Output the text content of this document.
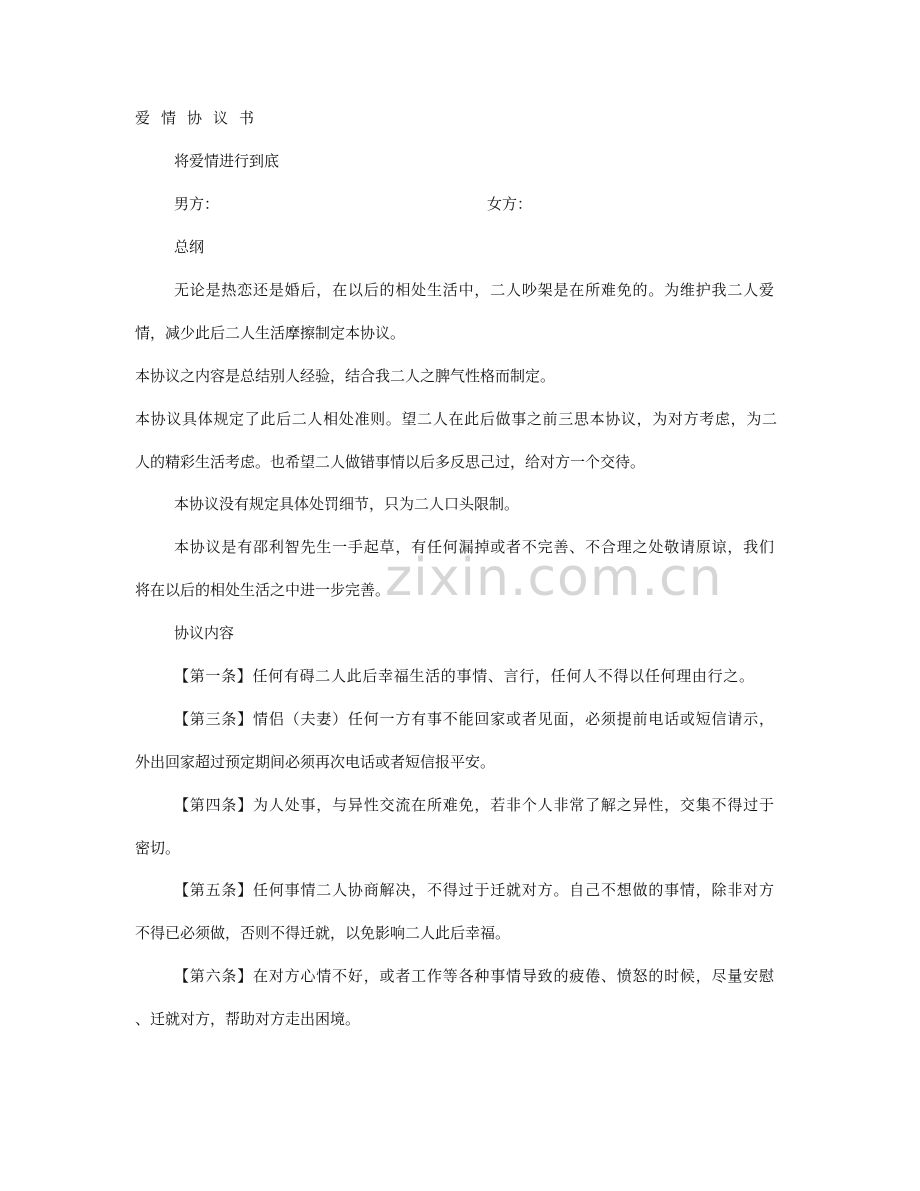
zixin.com.cn

爱情协议书

将爱情进行到底

男方：	女方：

总纲

无论是热恋还是婚后，在以后的相处生活中，二人吵架是在所难免的。为维护我二人爱

情，减少此后二人生活摩擦制定本协议。

本协议之内容是总结别人经验，结合我二人之脾气性格而制定。

本协议具体规定了此后二人相处准则。望二人在此后做事之前三思本协议，为对方考虑，为二

人的精彩生活考虑。也希望二人做错事情以后多反思己过，给对方一个交待。

本协议没有规定具体处罚细节，只为二人口头限制。

本协议是有邵利智先生一手起草，有任何漏掉或者不完善、不合理之处敬请原谅，我们

将在以后的相处生活之中进一步完善。

协议内容

【第一条】任何有碍二人此后幸福生活的事情、言行，任何人不得以任何理由行之。

【第三条】情侣（夫妻）任何一方有事不能回家或者见面，必须提前电话或短信请示，

外出回家超过预定期间必须再次电话或者短信报平安。

【第四条】为人处事，与异性交流在所难免，若非个人非常了解之异性，交集不得过于

密切。

【第五条】任何事情二人协商解决，不得过于迁就对方。自己不想做的事情，除非对方

不得已必须做，否则不得迁就，以免影响二人此后幸福。

【第六条】在对方心情不好，或者工作等各种事情导致的疲倦、愤怒的时候，尽量安慰

、迁就对方，帮助对方走出困境。
